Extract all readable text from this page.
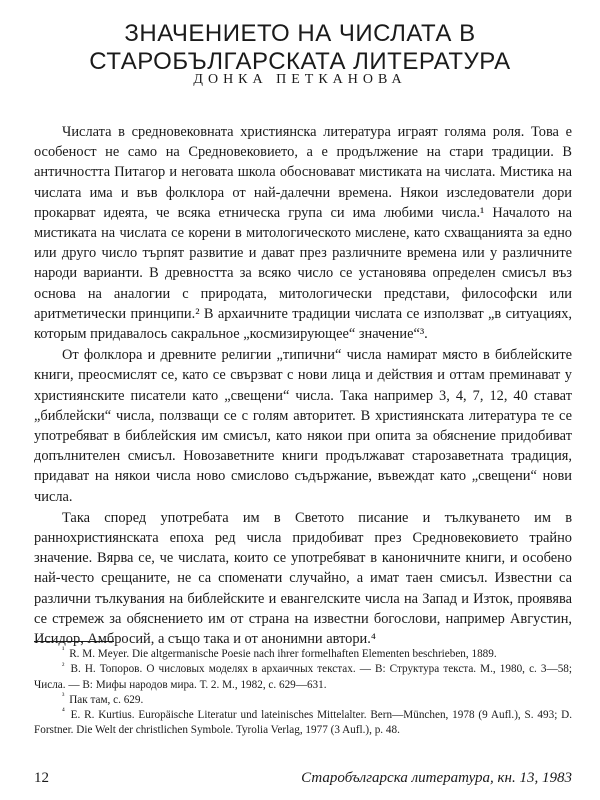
ЗНАЧЕНИЕТО НА ЧИСЛАТА В СТАРОБЪЛГАРСКАТА ЛИТЕРАТУРА
ДОНКА ПЕТКАНОВА

Числата в средновековната християнска литература играят голяма роля. Това е особеност не само на Средновековието, а е продължение на стари традиции. В античността Питагор и неговата школа обосновават мистиката на числата. Мистика на числата има и във фолклора от най-далечни времена. Някои изследователи дори прокарват идеята, че всяка етническа група си има любими числа.¹ Началото на мистиката на числата се корени в митологическото мислене, като схващанията за едно или друго число търпят развитие и дават през различните времена или у различните народи варианти. В древността за всяко число се установява определен смисъл въз основа на аналогии с природата, митологически представи, философски или аритметически принципи.² В архаичните традиции числата се използват „в ситуациях, которым придавалось сакральное „космизирующее“ значение“³.

От фолклора и древните религии „типични“ числа намират място в библейските книги, преосмислят се, като се свързват с нови лица и действия и оттам преминават у християнските писатели като „свещени“ числа. Така например 3, 4, 7, 12, 40 стават „библейски“ числа, ползващи се с голям авторитет. В християнската литература те се употребяват в библейския им смисъл, като някои при опита за обяснение придобиват допълнителен смисъл. Новозаветните книги продължават старозаветната традиция, придават на някои числа ново смислово съдържание, въвеждат като „свещени“ нови числа.

Така според употребата им в Светото писание и тълкуването им в раннохристиянската епоха ред числа придобиват през Средновековието трайно значение. Вярва се, че числата, които се употребяват в каноничните книги, и особено най-често срещаните, не са споменати случайно, а имат таен смисъл. Известни са различни тълкувания на библейските и евангелските числа на Запад и Изток, проявява се стремеж за обяснението им от страна на известни богослови, например Августин, Исидор, Амбросий, а също така и от анонимни автори.⁴

$^{^1}$ R. M. Meyer. Die altgermanische Poesie nach ihrer formelhaften Elementen beschrieben, 1889.

$^{^2}$ В. Н. Топоров. О числовых моделях в архаичных текстах. — В: Структура текста. М., 1980, с. 3—58; Числа. — В: Мифы народов мира. Т. 2. М., 1982, с. 629—631.

$^{^3}$ Пак там, с. 629.

$^{^4}$ E. R. Kurtius. Europäische Literatur und lateinisches Mittelalter. Bern—München, 1978 (9 Aufl.), S. 493; D. Forstner. Die Welt der christlichen Symbole. Tyrolia Verlag, 1977 (3 Aufl.), p. 48.

12	Старобългарска литература, кн. 13, 1983
